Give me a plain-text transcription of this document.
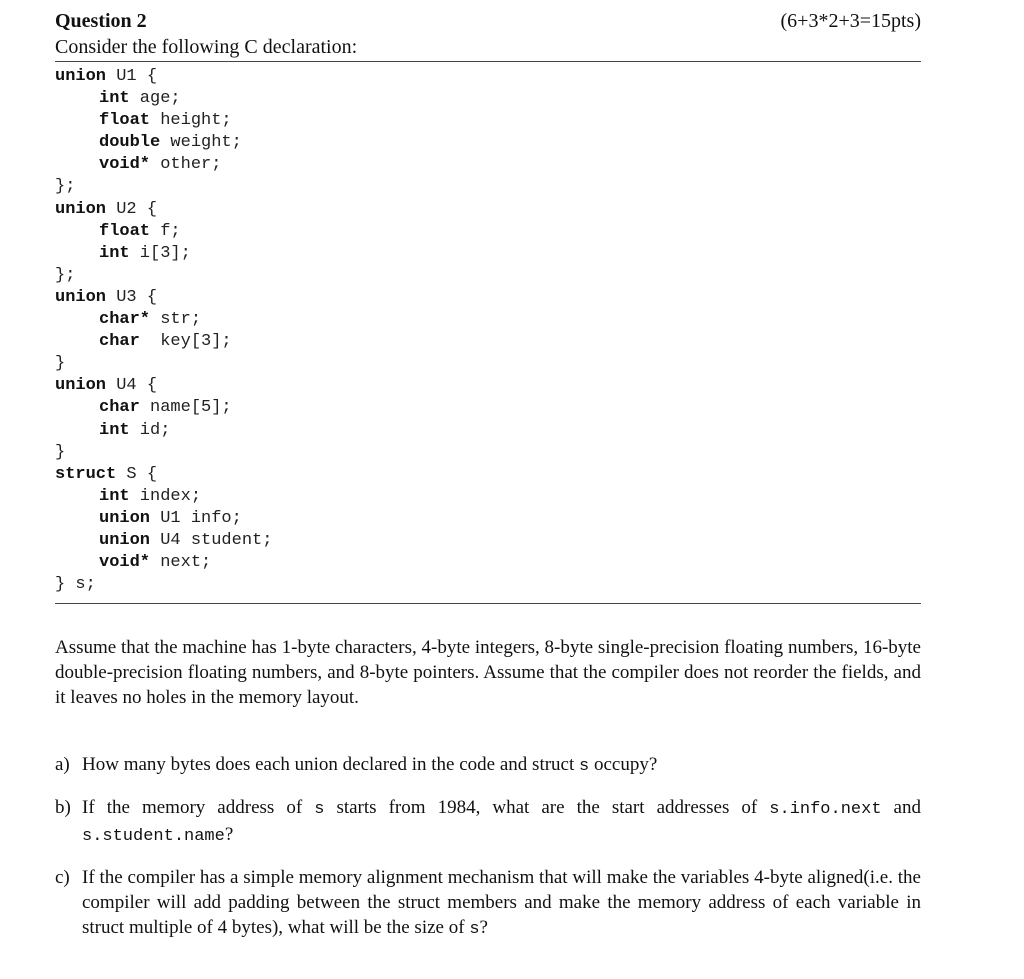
Question 2	(6+3*2+3=15pts)
Consider the following C declaration:
union U1 {
int age;
float height;
double weight;
void* other;
};
union U2 {
float f;
int i[3];
};
union U3 {
char* str;
char  key[3];
}
union U4 {
char name[5];
int id;
}
struct S {
int index;
union U1 info;
union U4 student;
void* next;
} s;
Assume that the machine has 1-byte characters, 4-byte integers, 8-byte single-precision floating numbers, 16-byte double-precision floating numbers, and 8-byte pointers. Assume that the compiler does not reorder the fields, and it leaves no holes in the memory layout.
a) How many bytes does each union declared in the code and struct s occupy?
b) If the memory address of s starts from 1984, what are the start addresses of s.info.next and s.student.name?
c) If the compiler has a simple memory alignment mechanism that will make the variables 4-byte aligned(i.e. the compiler will add padding between the struct members and make the memory address of each variable in struct multiple of 4 bytes), what will be the size of s?
